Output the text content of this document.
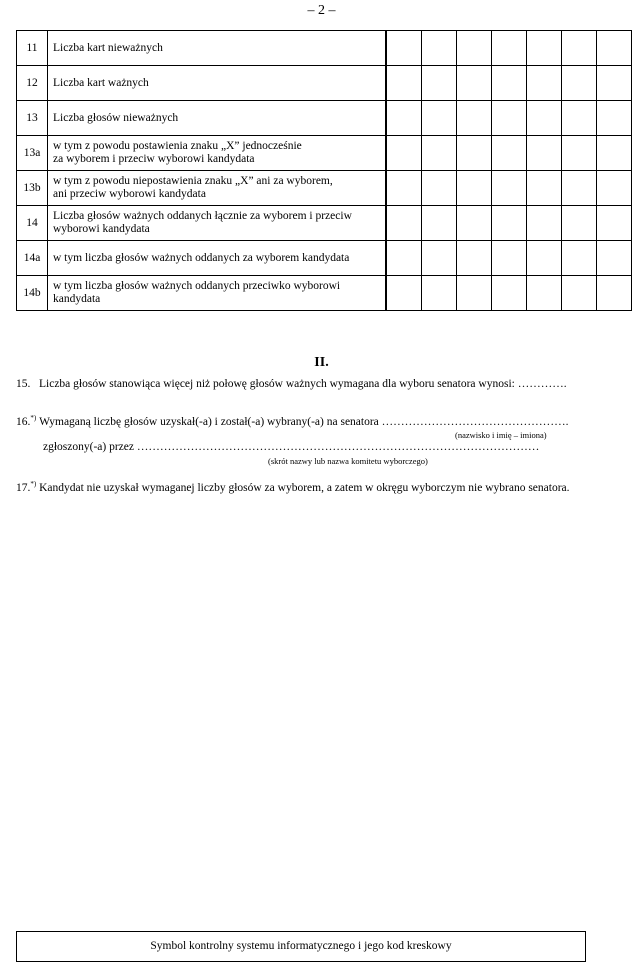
– 2 –
11	Liczba kart nieważnych								
12	Liczba kart ważnych								
13	Liczba głosów nieważnych								
13a	w tym z powodu postawienia znaku „X” jednocześnie
za wyborem i przeciw wyborowi kandydata								
13b	w tym z powodu niepostawienia znaku „X” ani za wyborem,
ani przeciw wyborowi kandydata								
14	Liczba głosów ważnych oddanych łącznie za wyborem i przeciw
wyborowi kandydata								
14a	w tym liczba głosów ważnych oddanych za wyborem kandydata								
14b	w tym liczba głosów ważnych oddanych przeciwko wyborowi
kandydata								
II.
15. Liczba głosów stanowiąca więcej niż połowę głosów ważnych wymagana dla wyboru senatora wynosi: ………….
16.*) Wymaganą liczbę głosów uzyskał(-a) i został(-a) wybrany(-a) na senatora ………………………………………….
(nazwisko i imię – imiona)
zgłoszony(-a) przez ……………………………………………………………………………………………
(skrót nazwy lub nazwa komitetu wyborczego)
17.*) Kandydat nie uzyskał wymaganej liczby głosów za wyborem, a zatem w okręgu wyborczym nie wybrano senatora.
Symbol kontrolny systemu informatycznego i jego kod kreskowy
